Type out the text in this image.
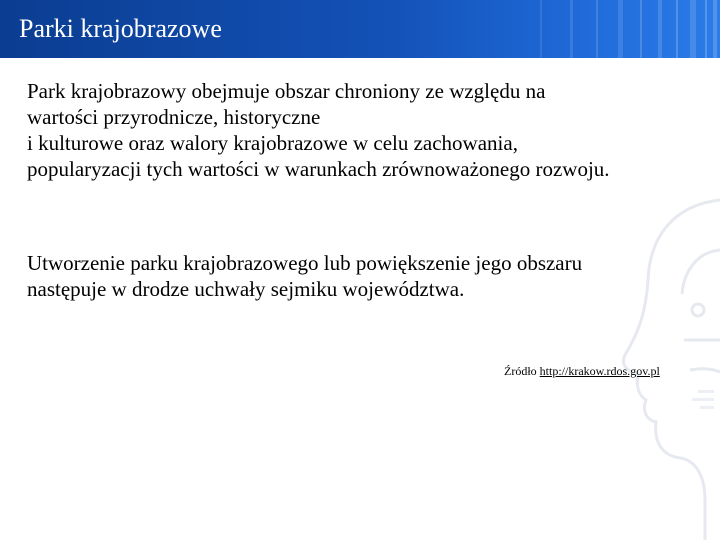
Parki krajobrazowe
Park krajobrazowy obejmuje obszar chroniony ze względu na
wartości przyrodnicze, historyczne
i kulturowe oraz walory krajobrazowe w celu zachowania,
popularyzacji tych wartości w warunkach zrównoważonego rozwoju.
Utworzenie parku krajobrazowego lub powiększenie jego obszaru
następuje w drodze uchwały sejmiku województwa.
Źródło http://krakow.rdos.gov.pl
